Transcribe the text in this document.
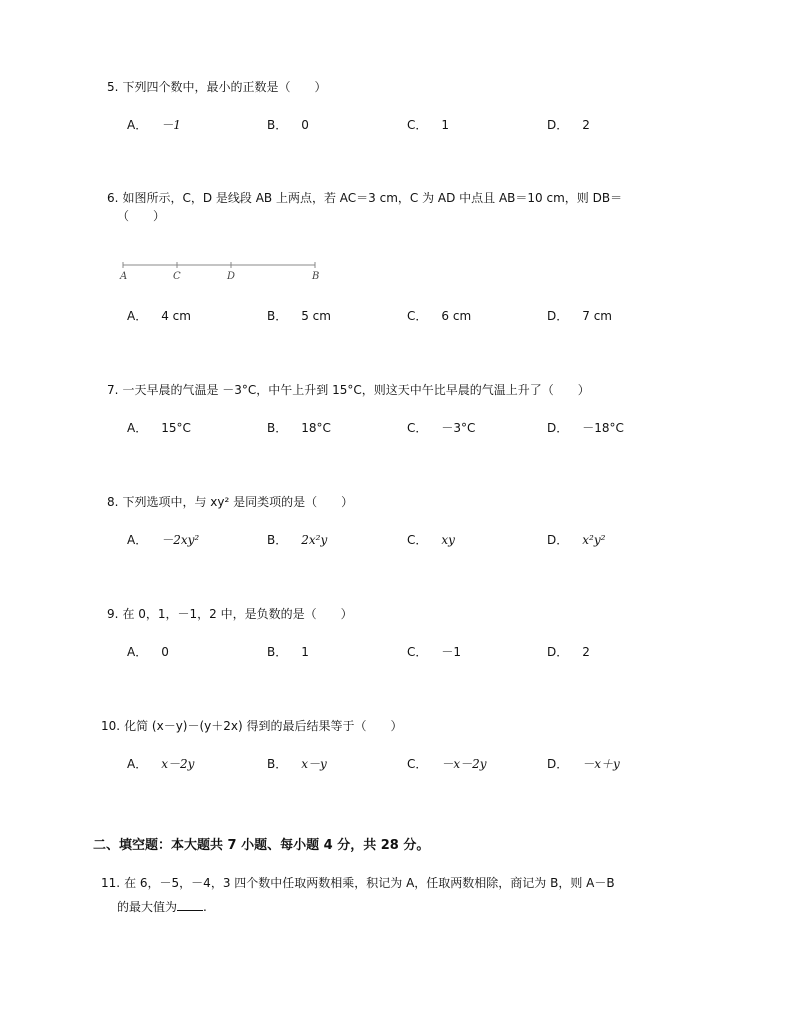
5. 下列四个数中，最小的正数是（　　）
A． －1	B． 0	C． 1	D． 2
6. 如图所示，C，D 是线段 AB 上两点，若 AC＝3 cm，C 为 AD 中点且 AB＝10 cm，则 DB＝
（　　）
A	C	D	B
A． 4 cm	B． 5 cm	C． 6 cm	D． 7 cm
7. 一天早晨的气温是 －3°C，中午上升到 15°C，则这天中午比早晨的气温上升了（　　）
A． 15°C	B． 18°C	C． －3°C	D． －18°C
8. 下列选项中，与 xy² 是同类项的是（　　）
A． －2xy²	B． 2x²y	C． xy	D． x²y²
9. 在 0，1，－1，2 中，是负数的是（　　）
A． 0	B． 1	C． －1	D． 2
10. 化简 (x－y)－(y＋2x) 得到的最后结果等于（　　）
A． x－2y	B． x－y	C． －x－2y	D． －x＋y
二、填空题：本大题共 7 小题、每小题 4 分，共 28 分。
11. 在 6，－5，－4，3 四个数中任取两数相乘，积记为 A，任取两数相除，商记为 B，则 A－B
的最大值为 .
